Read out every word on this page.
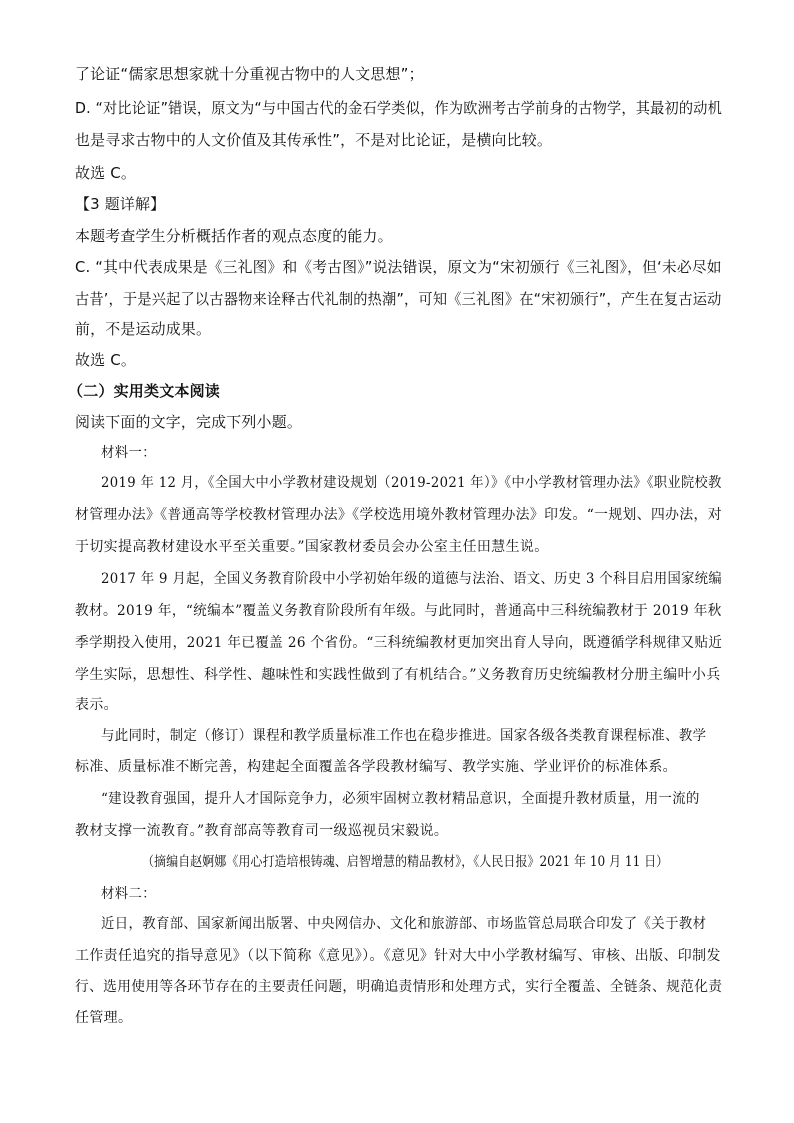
了论证“儒家思想家就十分重视古物中的人文思想”；
D. “对比论证”错误，原文为“与中国古代的金石学类似，作为欧洲考古学前身的古物学，其最初的动机
也是寻求古物中的人文价值及其传承性”，不是对比论证，是横向比较。
故选 C。
【3 题详解】
本题考查学生分析概括作者的观点态度的能力。
C. “其中代表成果是《三礼图》和《考古图》”说法错误，原文为“宋初颁行《三礼图》，但‘未必尽如
古昔’，于是兴起了以古器物来诠释古代礼制的热潮”，可知《三礼图》在“宋初颁行”，产生在复古运动
前，不是运动成果。
故选 C。
（二）实用类文本阅读
阅读下面的文字，完成下列小题。
材料一：
2019 年 12 月，《全国大中小学教材建设规划（2019-2021 年）》《中小学教材管理办法》《职业院校教
材管理办法》《普通高等学校教材管理办法》《学校选用境外教材管理办法》印发。“一规划、四办法，对
于切实提高教材建设水平至关重要。”国家教材委员会办公室主任田慧生说。
2017 年 9 月起，全国义务教育阶段中小学初始年级的道德与法治、语文、历史 3 个科目启用国家统编
教材。2019 年，“统编本”覆盖义务教育阶段所有年级。与此同时，普通高中三科统编教材于 2019 年秋
季学期投入使用，2021 年已覆盖 26 个省份。“三科统编教材更加突出育人导向，既遵循学科规律又贴近
学生实际，思想性、科学性、趣味性和实践性做到了有机结合。”义务教育历史统编教材分册主编叶小兵
表示。
与此同时，制定（修订）课程和教学质量标准工作也在稳步推进。国家各级各类教育课程标准、教学
标准、质量标准不断完善，构建起全面覆盖各学段教材编写、教学实施、学业评价的标准体系。
“建设教育强国，提升人才国际竞争力，必须牢固树立教材精品意识，全面提升教材质量，用一流的
教材支撑一流教育。”教育部高等教育司一级巡视员宋毅说。
（摘编自赵婀娜《用心打造培根铸魂、启智增慧的精品教材》，《人民日报》2021 年 10 月 11 日）
材料二：
近日，教育部、国家新闻出版署、中央网信办、文化和旅游部、市场监管总局联合印发了《关于教材
工作责任追究的指导意见》（以下简称《意见》）。《意见》针对大中小学教材编写、审核、出版、印制发
行、选用使用等各环节存在的主要责任问题，明确追责情形和处理方式，实行全覆盖、全链条、规范化责
任管理。
